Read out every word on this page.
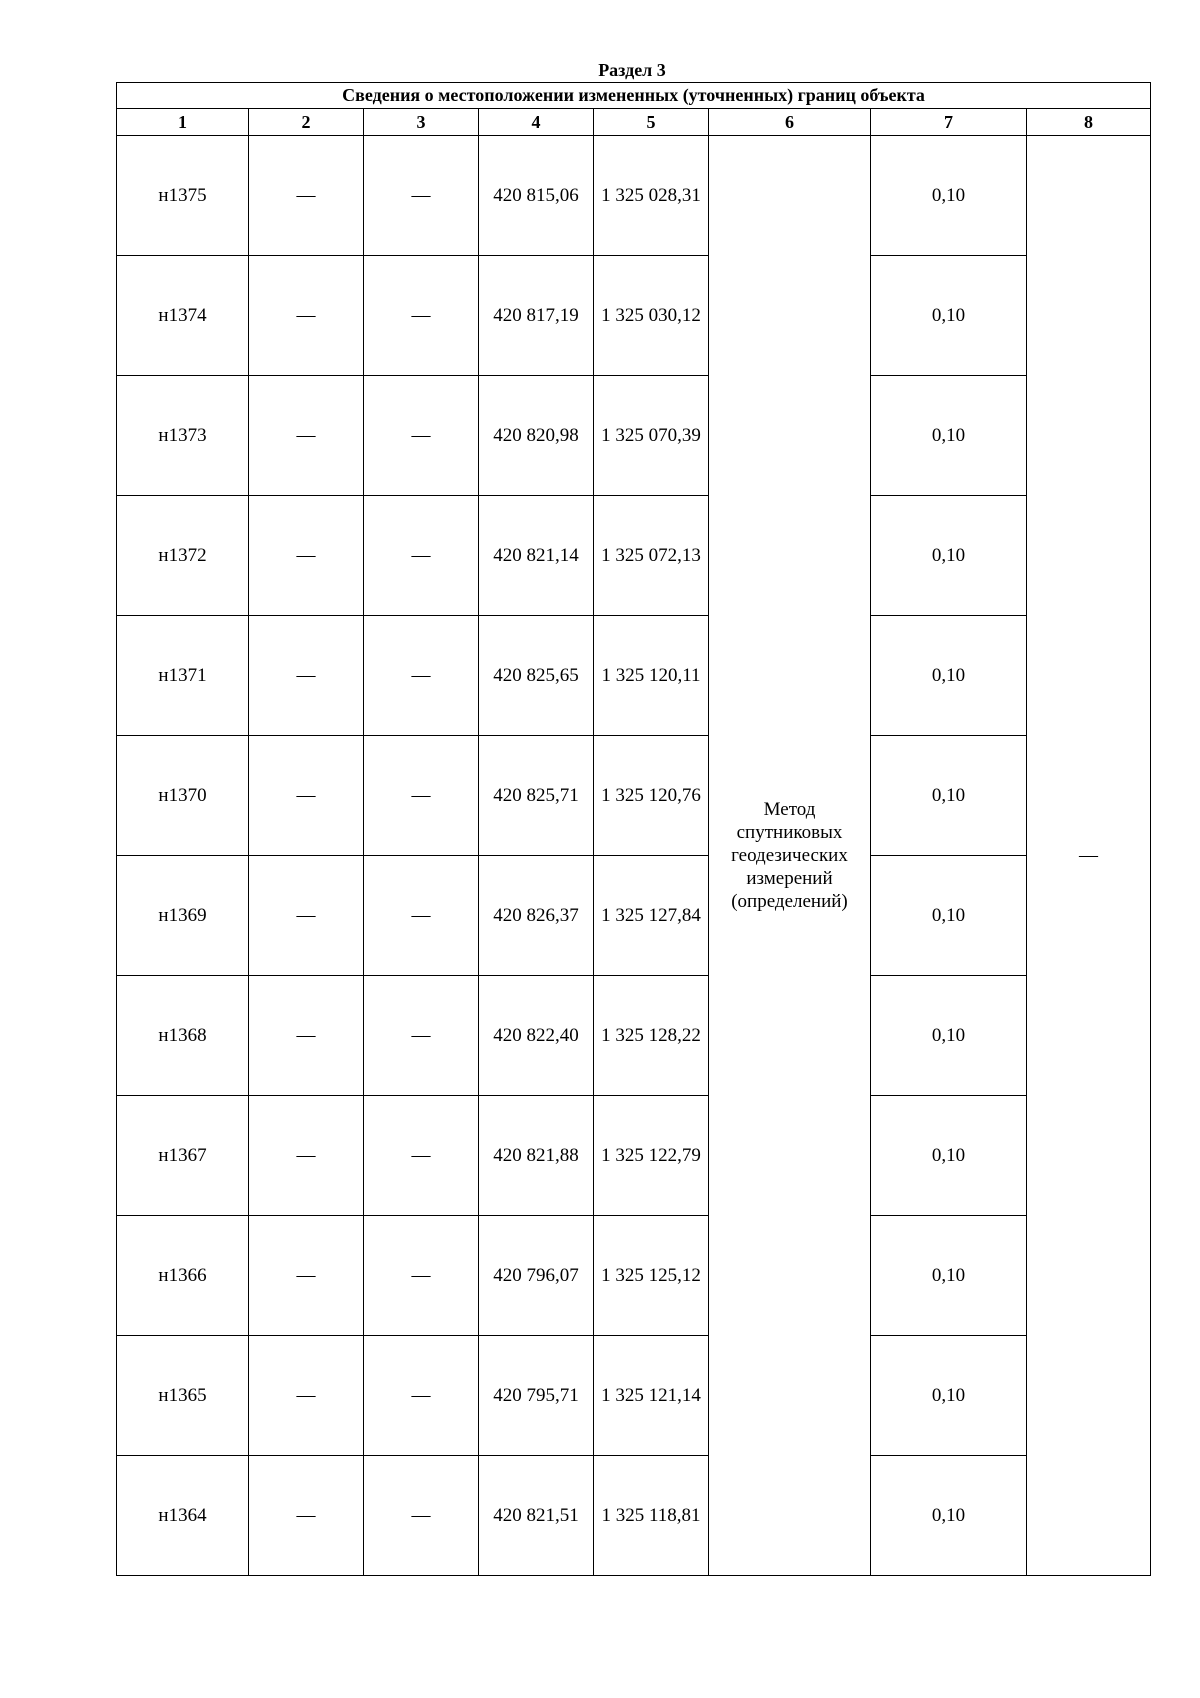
Раздел 3
Сведения о местоположении измененных (уточненных) границ объекта							
1	2	3	4	5	6	7	8
н1375	—	—	420 815,06	1 325 028,31	Метод
спутниковых
геодезических
измерений
(определений)	0,10	—
н1374	—	—	420 817,19	1 325 030,12		0,10	
н1373	—	—	420 820,98	1 325 070,39		0,10	
н1372	—	—	420 821,14	1 325 072,13		0,10	
н1371	—	—	420 825,65	1 325 120,11		0,10	
н1370	—	—	420 825,71	1 325 120,76		0,10	
н1369	—	—	420 826,37	1 325 127,84		0,10	
н1368	—	—	420 822,40	1 325 128,22		0,10	
н1367	—	—	420 821,88	1 325 122,79		0,10	
н1366	—	—	420 796,07	1 325 125,12		0,10	
н1365	—	—	420 795,71	1 325 121,14		0,10	
н1364	—	—	420 821,51	1 325 118,81		0,10	
